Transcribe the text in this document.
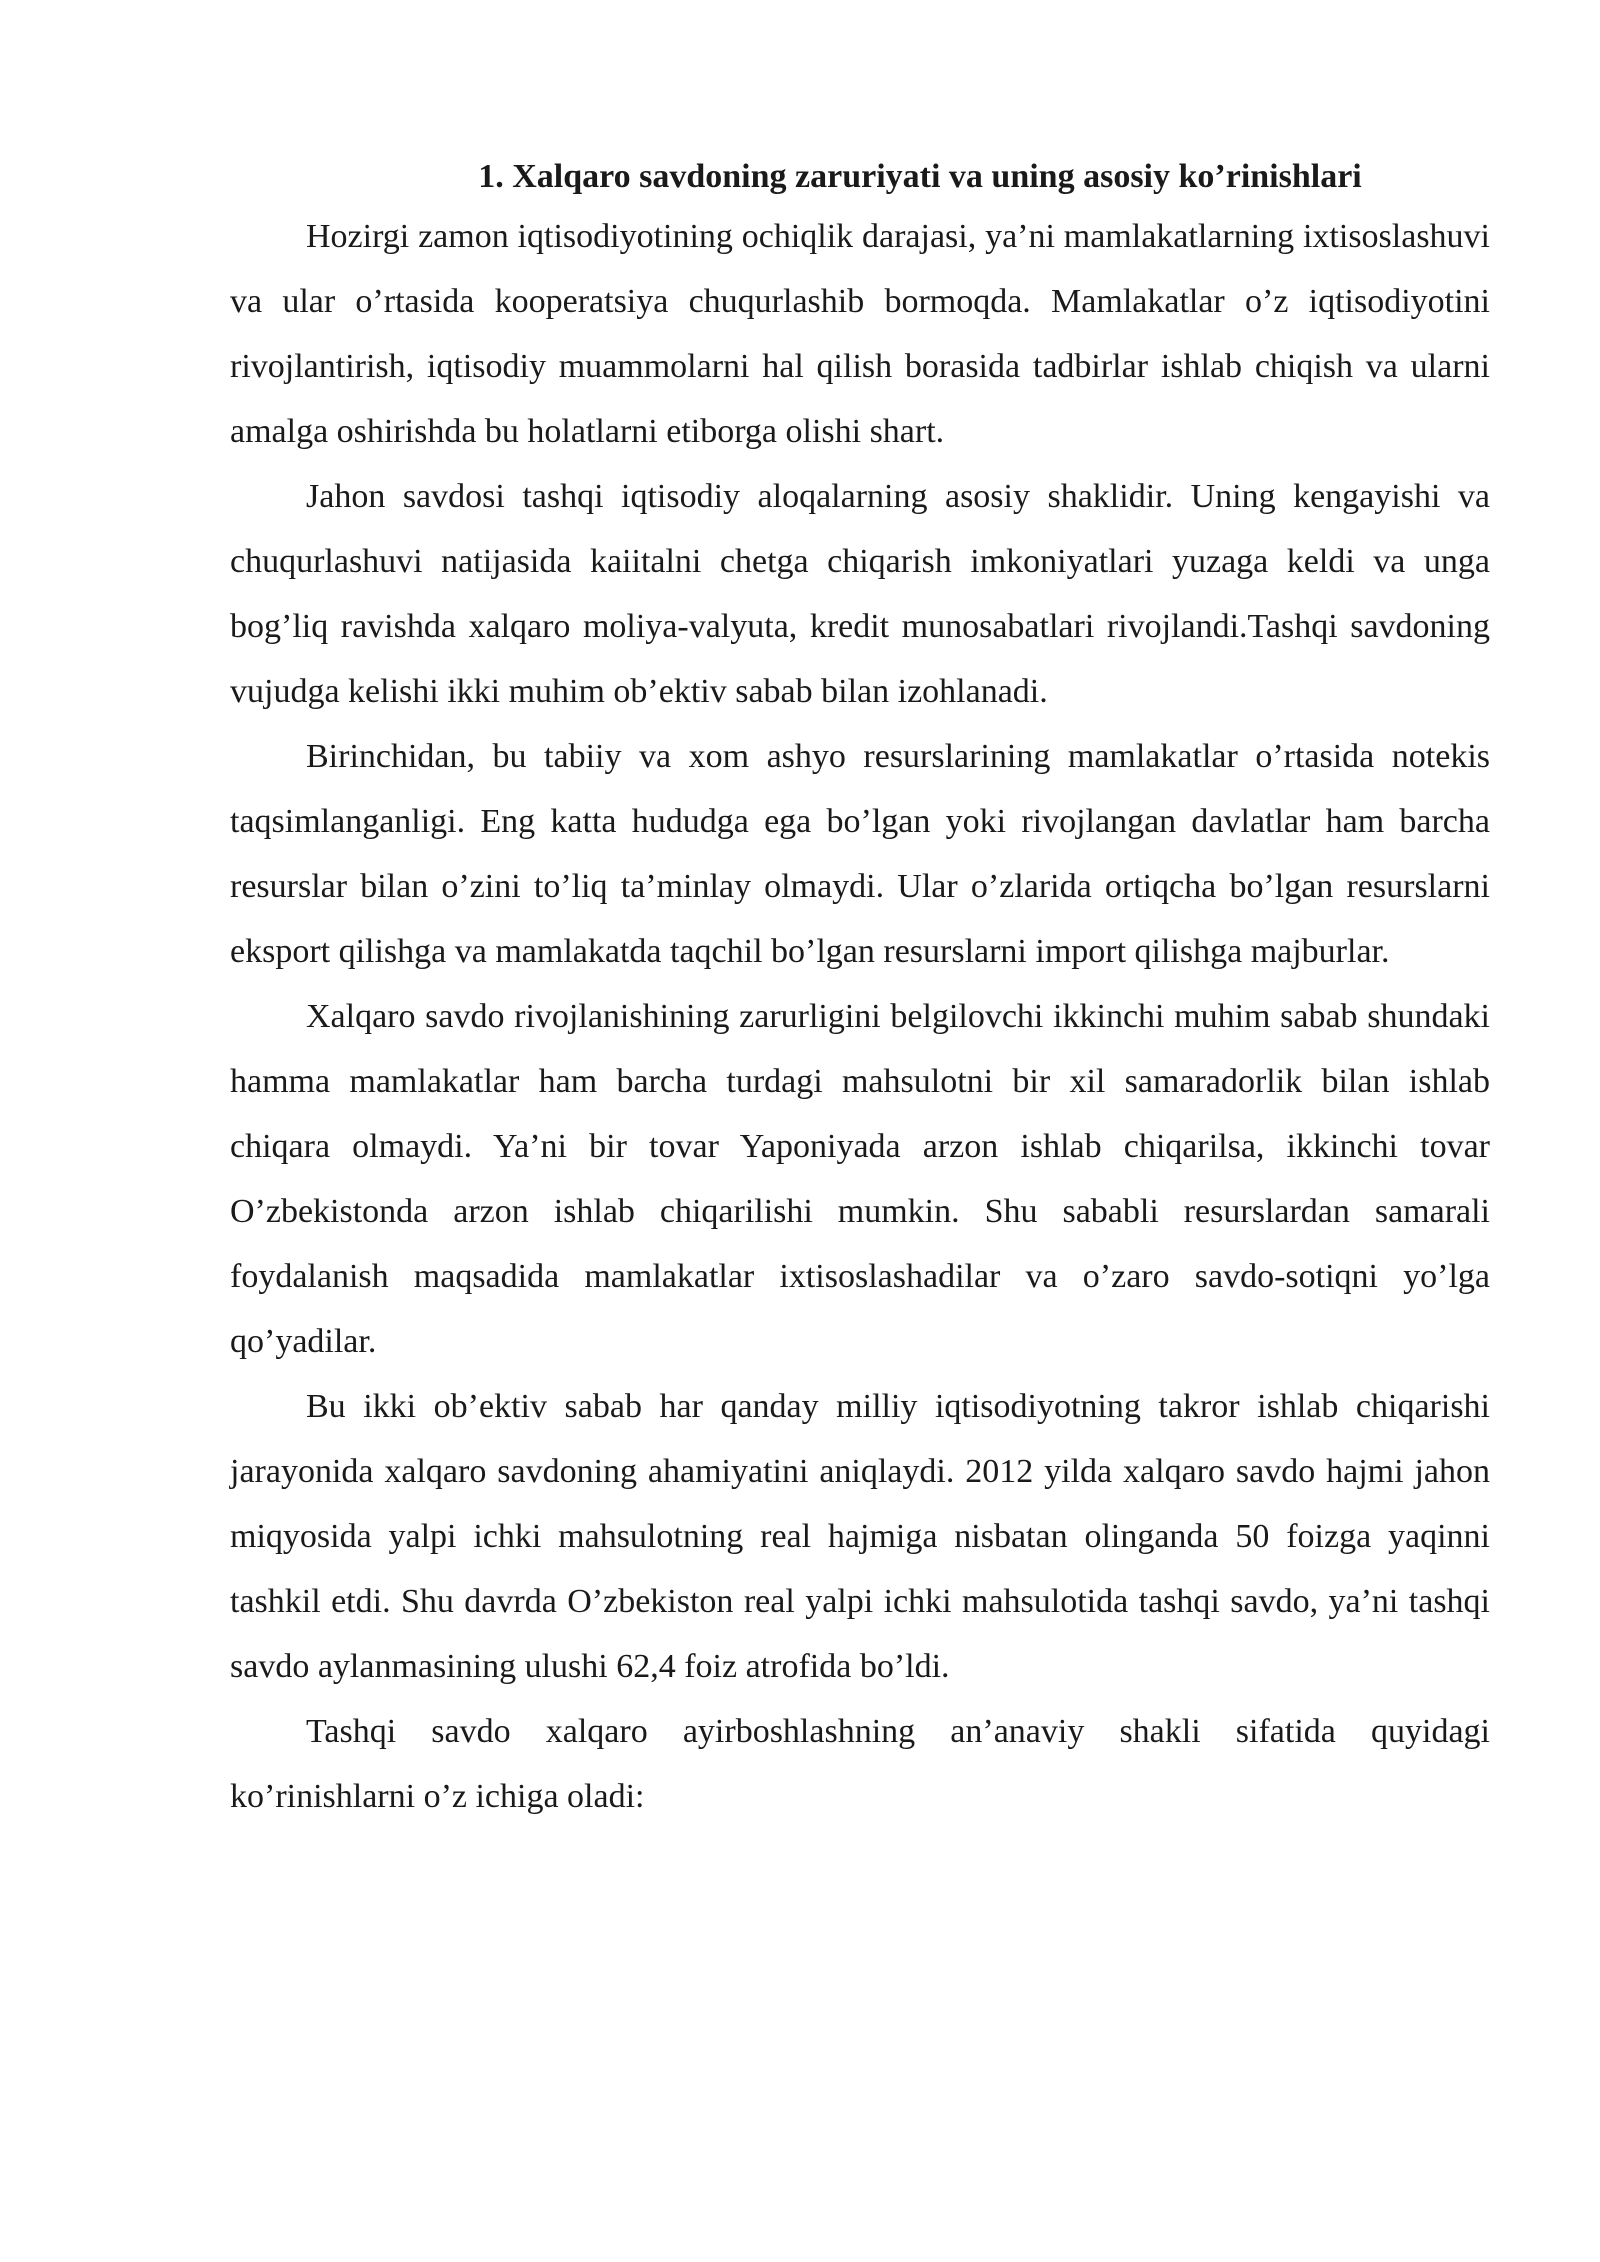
1. Xalqaro savdoning zaruriyati va uning asosiy ko’rinishlari

Hozirgi zamon iqtisodiyotining ochiqlik darajasi, ya’ni mamlakatlarning ixtisoslashuvi va ular o’rtasida kooperatsiya chuqurlashib bormoqda. Mamlakatlar o’z iqtisodiyotini rivojlantirish, iqtisodiy muammolarni hal qilish borasida tadbirlar ishlab chiqish va ularni amalga oshirishda bu holatlarni etiborga olishi shart.

Jahon savdosi tashqi iqtisodiy aloqalarning asosiy shaklidir. Uning kengayishi va chuqurlashuvi natijasida kaiitalni chetga chiqarish imkoniyatlari yuzaga keldi va unga bog’liq ravishda xalqaro moliya-valyuta, kredit munosabatlari rivojlandi.Tashqi savdoning vujudga kelishi ikki muhim ob’ektiv sabab bilan izohlanadi.

Birinchidan, bu tabiiy va xom ashyo resurslarining mamlakatlar o’rtasida notekis taqsimlanganligi. Eng katta hududga ega bo’lgan yoki rivojlangan davlatlar ham barcha resurslar bilan o’zini to’liq ta’minlay olmaydi. Ular o’zlarida ortiqcha bo’lgan resurslarni eksport qilishga va mamlakatda taqchil bo’lgan resurslarni import qilishga majburlar.

Xalqaro savdo rivojlanishining zarurligini belgilovchi ikkinchi muhim sabab shundaki hamma mamlakatlar ham barcha turdagi mahsulotni bir xil samaradorlik bilan ishlab chiqara olmaydi. Ya’ni bir tovar Yaponiyada arzon ishlab chiqarilsa, ikkinchi tovar O’zbekistonda arzon ishlab chiqarilishi mumkin. Shu sababli resurslardan samarali foydalanish maqsadida mamlakatlar ixtisoslashadilar va o’zaro savdo-sotiqni yo’lga qo’yadilar.

Bu ikki ob’ektiv sabab har qanday milliy iqtisodiyotning takror ishlab chiqarishi jarayonida xalqaro savdoning ahamiyatini aniqlaydi. 2012 yilda xalqaro savdo hajmi jahon miqyosida yalpi ichki mahsulotning real hajmiga nisbatan olinganda 50 foizga yaqinni tashkil etdi. Shu davrda O’zbekiston real yalpi ichki mahsulotida tashqi savdo, ya’ni tashqi savdo aylanmasining ulushi 62,4 foiz atrofida bo’ldi.

Tashqi savdo xalqaro ayirboshlashning an’anaviy shakli sifatida quyidagi ko’rinishlarni o’z ichiga oladi:
